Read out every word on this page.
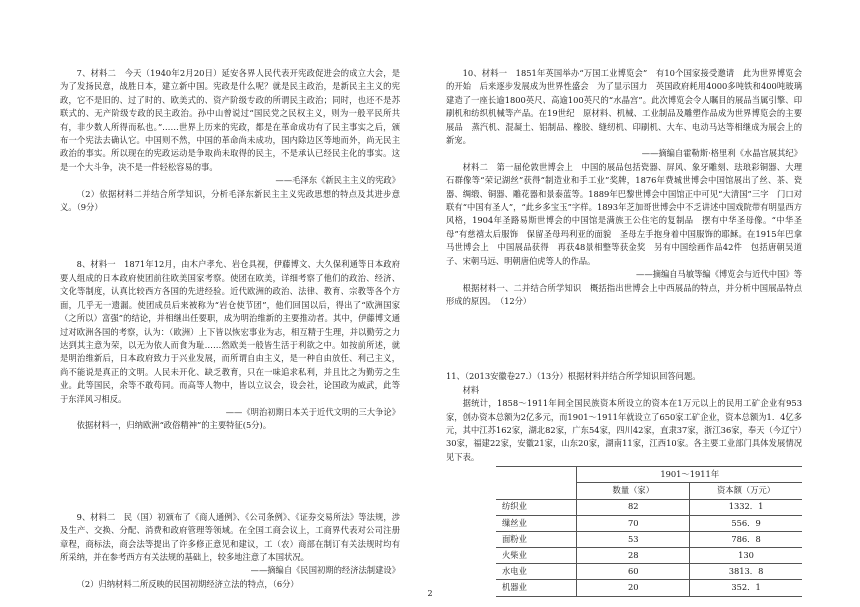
7、材料二　今天（1940年2月20日）延安各界人民代表开宪政促进会的成立大会，是为了发扬民意，战胜日本，建立新中国。宪政是什么呢？就是民主政治，是新民主主义的宪政，它不是旧的、过了时的、欧美式的、资产阶级专政的所谓民主政治；同时，也还不是苏联式的、无产阶级专政的民主政治。孙中山曾说过“国民党之民权主义，则为一般平民所共有，非少数人所得而私也。”……世界上历来的宪政，都是在革命成功有了民主事实之后，颁布一个宪法去确认它。中国则不然，中国的革命尚未成功，国内除边区等地而外，尚无民主政治的事实。所以现在的宪政运动是争取尚未取得的民主，不是承认已经民主化的事实。这是一个大斗争，决不是一件轻松容易的事。

——毛泽东《新民主主义的宪政》

（2）依据材料二并结合所学知识，分析毛泽东新民主主义宪政思想的特点及其进步意义。（9分）

8、材料一　1871年12月，由木户孝允、岩仓具视，伊藤博文、大久保利通等日本政府要人组成的日本政府使团前往欧美国家考察。使团在欧美，详细考察了他们的政治、经济、文化等制度，认真比较西方各国的先进经验。近代欧洲的政治、法律、教育、宗教等各个方面，几乎无一遗漏。使团成员后来被称为“岩仓使节团”，他们回国以后，得出了“欧洲国家（之所以）富强”的结论，并相继出任要职，成为明治维新的主要推动者。其中，伊藤博文通过对欧洲各国的考察，认为：（欧洲）上下皆以恢宏事业为志，相互精于生理，并以勤劳之力达到其主意为荣，以无为依人而食为耻……然欧美一般皆生活于利欲之中。如按前所述，就是明治维新后，日本政府致力于兴业发展，而所谓自由主义，是一种自由放任、利己主义，尚不能说是真正的文明。人民未开化、缺乏教育，只在一味追求私利，并且比之为勤劳之生业。此等国民，余等不敢苟同。而高等人物中，皆以立议会，设会社，论国政为威武，此等于东洋风习相反。

——《明治初期日本关于近代文明的三大争论》

依据材料一，归纳欧洲“政俗精神”的主要特征(5分)。

9、材料二　民（国）初颁布了《商人通例》、《公司条例》、《证券交易所法》等法规，涉及生产、交换、分配、消费和政府管理等领域。在全国工商会议上，工商界代表对公司注册章程，商标法，商会法等提出了许多修正意见和建议，工（农）商部在制订有关法规时均有所采纳，并在参考西方有关法规的基础上，较多地注意了本国状况。

——摘编自《民国初期的经济法制建设》

（2）归纳材料二所反映的民国初期经济立法的特点，（6分）

10、材料一　1851年英国举办“万国工业博览会”　有10个国家接受邀请　此为世界博览会的开始　后来逐步发展成为世界性盛会　为了显示国力　英国政府耗用4000多吨铁和400吨玻璃建造了一座长逾1800英尺、高逾100英尺的“水晶宫”。此次博览会令人瞩目的展品当属引擎、印刷机和纺织机械等产品。在19世纪　原材料、机械、工业制品及雕塑作品成为世界博览会的主要展品　蒸汽机、混凝土、铝制品、橡胶、缝纫机、印刷机、大车、电动马达等相继成为展会上的新宠。

——摘编自霍勒斯·格里利《水晶宫展其纪》

材料二　第一届伦敦世博会上　中国的展品包括瓷器、屏风、象牙雕刻、珐琅彩铜器、大理石群像等“荣记湖丝”获得“制造业和手工业”奖牌，1876年费城世博会中国馆展出了丝、茶、瓷器、绸缎、铜器、雕花器和景泰蓝等。1889年巴黎世博会中国馆正中可见“大清国”三字　门口对联有“中国有圣人”，“此乡多宝玉”字样。1893年芝加哥世博会中不乏讲述中国戏院带有明显西方风格，1904年圣路易斯世博会的中国馆是满族王公住宅的复制品　摆有中华圣母像。“中华圣母”有慈禧太后服饰　保留圣母玛利亚的面貌　圣母左手抱身着中国服饰的耶稣。在1915年巴拿马世博会上　中国展品获得　再获48景相整等获金奖　另有中国绘画作品42件　包括唐朝吴道子、宋朝马远、明朝唐伯虎等人的作品。

——摘编自马敏等编《博览会与近代中国》等

根据材料一、二并结合所学知识　概括指出世博会上中西展品的特点，并分析中国展品特点形成的原因。　（12分）

11、（2013安徽卷27.）（13分）根据材料并结合所学知识回答问题。

材料

据统计，1858～1911年间全国民族资本所设立的资本在1万元以上的民用工矿企业有953家，创办资本总额为2亿多元，而1901～1911年就设立了650家工矿企业，资本总额为1．4亿多元，其中江苏162家，湖北82家，广东54家，四川42家，直隶37家，浙江36家，奉天（今辽宁）30家，福建22家，安徽21家，山东20家，湖南11家，江西10家。各主要工业部门具体发展情况见下表。

	1901～1911年	
	数量（家）	资本额（万元）
纺织业	82	1332．1
缫丝业	70	556．9
面粉业	53	786．8
火柴业	28	130
水电业	60	3813．8
机器业	20	352．1
2
